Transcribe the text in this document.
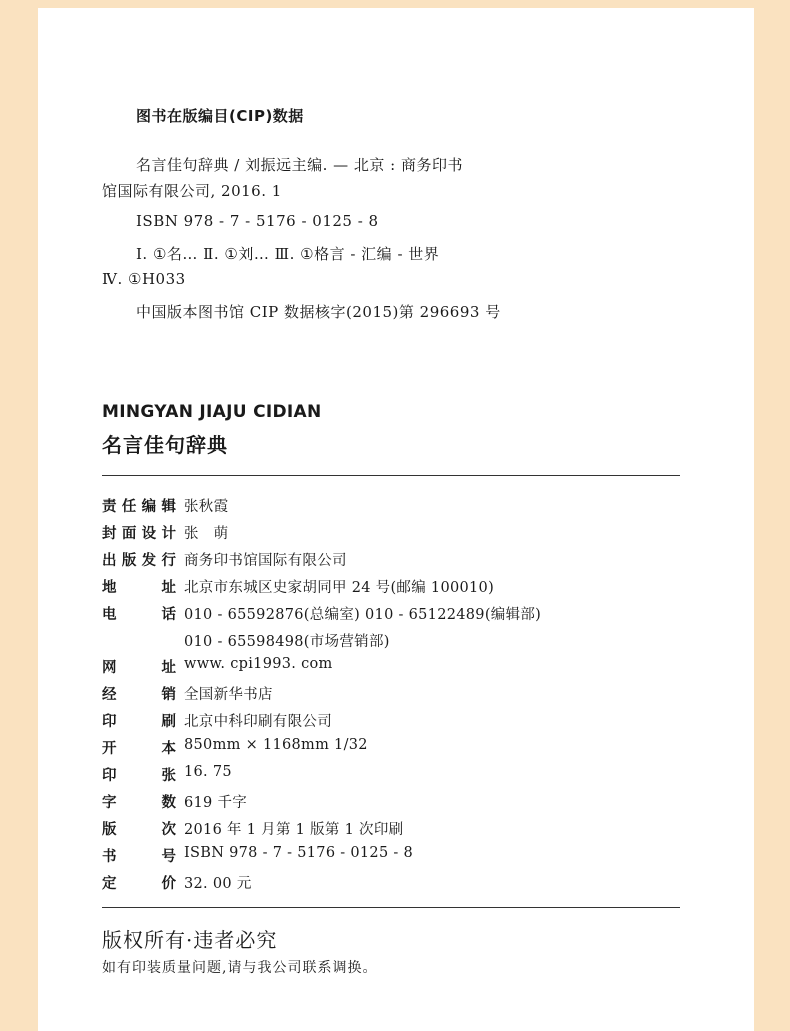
图书在版编目(CIP)数据
名言佳句辞典 / 刘振远主编. — 北京 : 商务印书
馆国际有限公司, 2016. 1
ISBN 978 - 7 - 5176 - 0125 - 8
Ⅰ. ①名… Ⅱ. ①刘… Ⅲ. ①格言 - 汇编 - 世界
Ⅳ. ①H033
中国版本图书馆 CIP 数据核字(2015)第 296693 号
MINGYAN JIAJU CIDIAN
名言佳句辞典
责 任 编 辑 张秋霞
封 面 设 计 张　萌
出 版 发 行 商务印书馆国际有限公司
地	址 北京市东城区史家胡同甲 24 号(邮编 100010)
电	话 010 - 65592876(总编室) 010 - 65122489(编辑部)
010 - 65598498(市场营销部)
网	址 www. cpi1993. com
经	销 全国新华书店
印	刷 北京中科印刷有限公司
开	本 850mm × 1168mm 1/32
印	张 16. 75
字	数 619 千字
版	次 2016 年 1 月第 1 版第 1 次印刷
书	号 ISBN 978 - 7 - 5176 - 0125 - 8
定	价 32. 00 元
版权所有·违者必究
如有印装质量问题,请与我公司联系调换。
